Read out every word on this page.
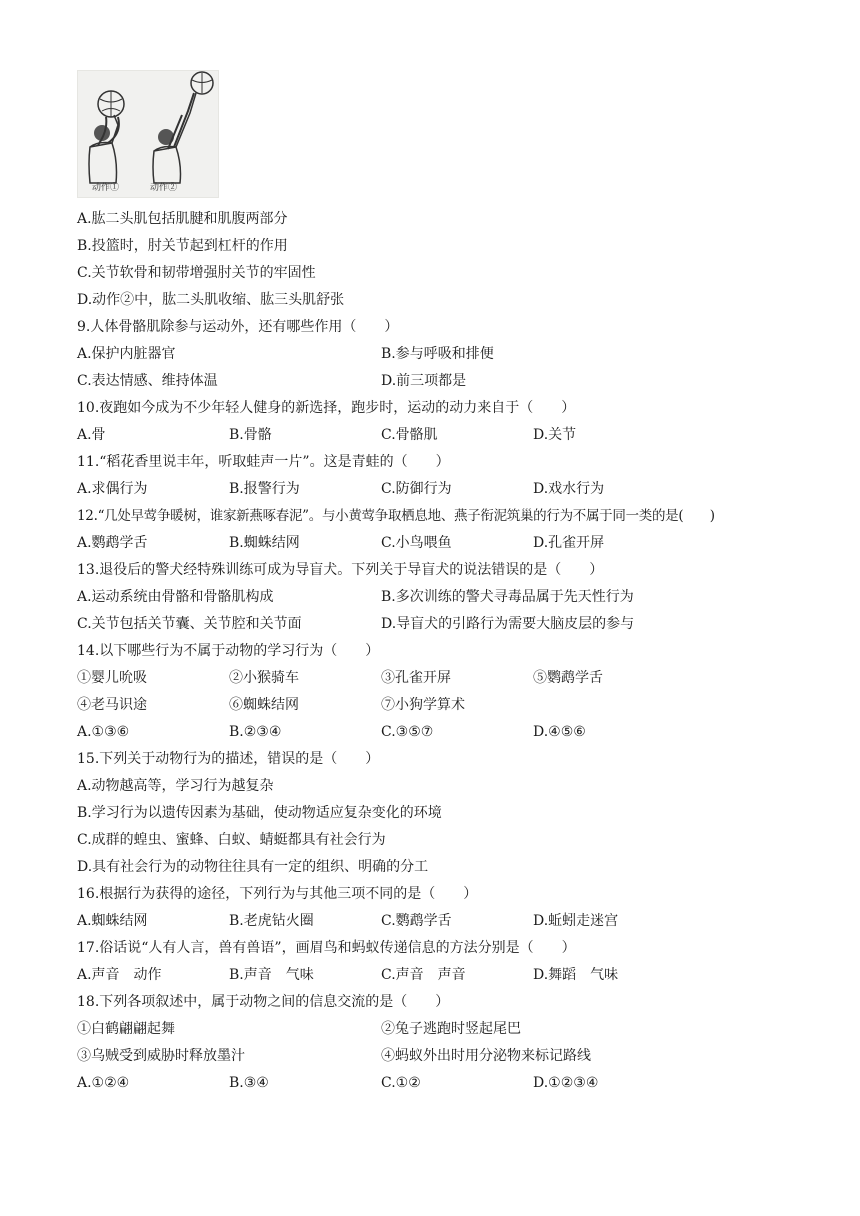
动作①	动作②
A.肱二头肌包括肌腱和肌腹两部分
B.投篮时，肘关节起到杠杆的作用
C.关节软骨和韧带增强肘关节的牢固性
D.动作②中，肱二头肌收缩、肱三头肌舒张
9.人体骨骼肌除参与运动外，还有哪些作用（　　）
A.保护内脏器官	B.参与呼吸和排便
C.表达情感、维持体温	D.前三项都是
10.夜跑如今成为不少年轻人健身的新选择，跑步时，运动的动力来自于（　　）
A.骨	B.骨骼	C.骨骼肌	D.关节
11.“稻花香里说丰年，听取蛙声一片”。这是青蛙的（　　）
A.求偶行为	B.报警行为	C.防御行为	D.戏水行为
12.“几处早莺争暖树，谁家新燕啄春泥”。与小黄莺争取栖息地、燕子衔泥筑巢的行为不属于同一类的是(　　)
A.鹦鹉学舌	B.蜘蛛结网	C.小鸟喂鱼	D.孔雀开屏
13.退役后的警犬经特殊训练可成为导盲犬。下列关于导盲犬的说法错误的是（　　）
A.运动系统由骨骼和骨骼肌构成	B.多次训练的警犬寻毒品属于先天性行为
C.关节包括关节囊、关节腔和关节面	D.导盲犬的引路行为需要大脑皮层的参与
14.以下哪些行为不属于动物的学习行为（　　）
①婴儿吮吸	②小猴骑车	③孔雀开屏	⑤鹦鹉学舌
④老马识途	⑥蜘蛛结网	⑦小狗学算术
A.①③⑥	B.②③④	C.③⑤⑦	D.④⑤⑥
15.下列关于动物行为的描述，错误的是（　　）
A.动物越高等，学习行为越复杂
B.学习行为以遗传因素为基础，使动物适应复杂变化的环境
C.成群的蝗虫、蜜蜂、白蚁、蜻蜓都具有社会行为
D.具有社会行为的动物往往具有一定的组织、明确的分工
16.根据行为获得的途径，下列行为与其他三项不同的是（　　）
A.蜘蛛结网	B.老虎钻火圈	C.鹦鹉学舌	D.蚯蚓走迷宫
17.俗话说“人有人言，兽有兽语”，画眉鸟和蚂蚁传递信息的方法分别是（　　）
A.声音　动作	B.声音　气味	C.声音　声音	D.舞蹈　气味
18.下列各项叙述中，属于动物之间的信息交流的是（　　）
①白鹤翩翩起舞	②兔子逃跑时竖起尾巴
③乌贼受到威胁时释放墨汁	④蚂蚁外出时用分泌物来标记路线
A.①②④	B.③④	C.①②	D.①②③④
